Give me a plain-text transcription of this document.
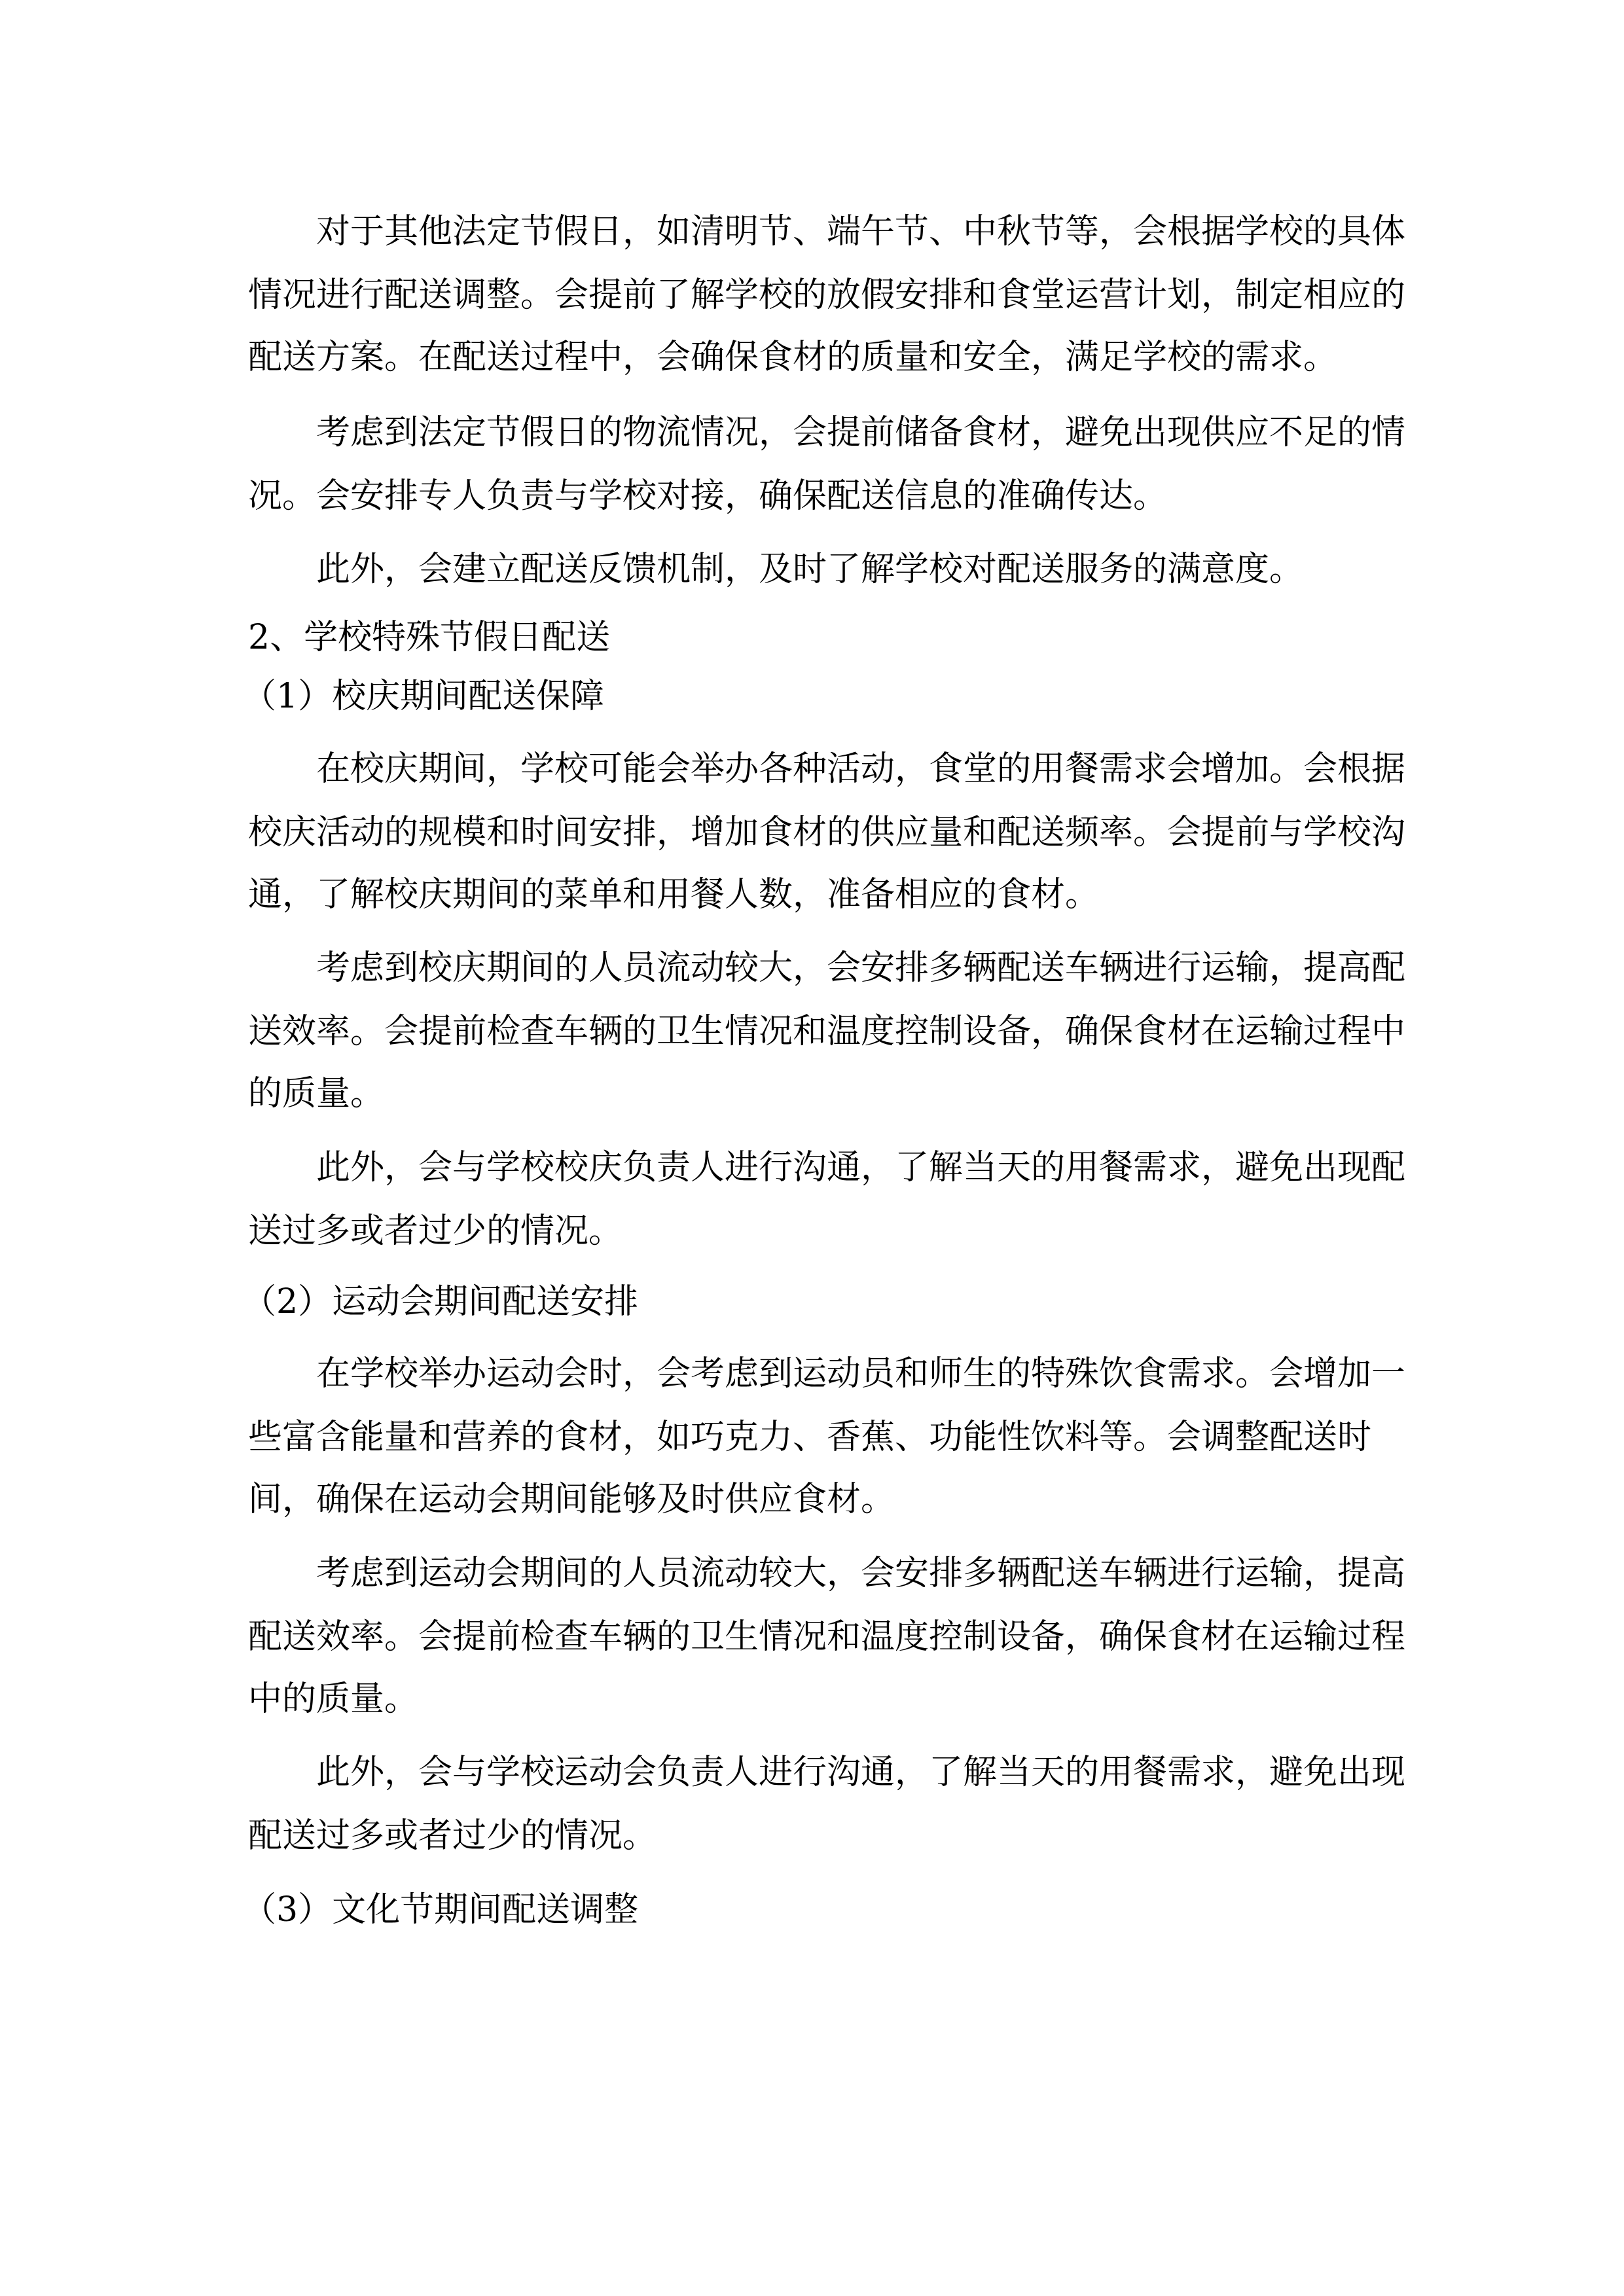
对于其他法定节假日，如清明节、端午节、中秋节等，会根据学校的具体
情况进行配送调整。会提前了解学校的放假安排和食堂运营计划，制定相应的
配送方案。在配送过程中，会确保食材的质量和安全，满足学校的需求。
考虑到法定节假日的物流情况，会提前储备食材，避免出现供应不足的情
况。会安排专人负责与学校对接，确保配送信息的准确传达。
此外，会建立配送反馈机制，及时了解学校对配送服务的满意度。
2、学校特殊节假日配送
（1）校庆期间配送保障
在校庆期间，学校可能会举办各种活动，食堂的用餐需求会增加。会根据
校庆活动的规模和时间安排，增加食材的供应量和配送频率。会提前与学校沟
通，了解校庆期间的菜单和用餐人数，准备相应的食材。
考虑到校庆期间的人员流动较大，会安排多辆配送车辆进行运输，提高配
送效率。会提前检查车辆的卫生情况和温度控制设备，确保食材在运输过程中
的质量。
此外，会与学校校庆负责人进行沟通，了解当天的用餐需求，避免出现配
送过多或者过少的情况。
（2）运动会期间配送安排
在学校举办运动会时，会考虑到运动员和师生的特殊饮食需求。会增加一
些富含能量和营养的食材，如巧克力、香蕉、功能性饮料等。会调整配送时
间，确保在运动会期间能够及时供应食材。
考虑到运动会期间的人员流动较大，会安排多辆配送车辆进行运输，提高
配送效率。会提前检查车辆的卫生情况和温度控制设备，确保食材在运输过程
中的质量。
此外，会与学校运动会负责人进行沟通，了解当天的用餐需求，避免出现
配送过多或者过少的情况。
（3）文化节期间配送调整
